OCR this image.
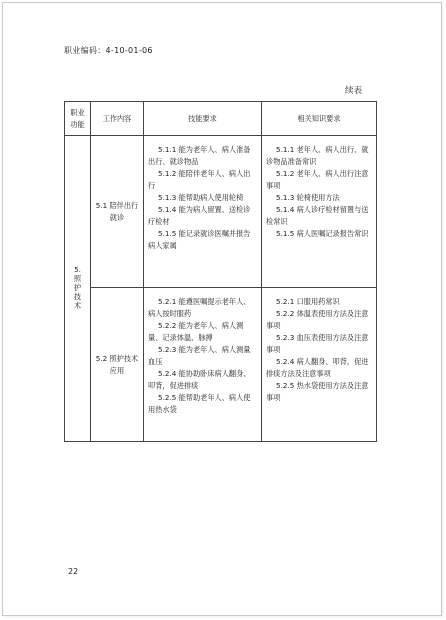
职业编码：4-10-01-06
续表
职业功能	工作内容	技能要求	相关知识要求
5. 照护技术	5.1 陪伴出行就诊	5.1.1 能为老年人、病人准备出行、就诊物品
5.1.2 能陪伴老年人、病人出行
5.1.3 能帮助病人使用轮椅
5.1.4 能为病人留置、送检诊疗检材
5.1.5 能记录就诊医嘱并报告病人家属	5.1.1 老年人、病人出行、就诊物品准备常识
5.1.2 老年人、病人出行注意事项
5.1.3 轮椅使用方法
5.1.4 病人诊疗检材留置与送检常识
5.1.5 病人医嘱记录报告常识

	5.2 照护技术应用	5.2.1 能遵医嘱提示老年人、病人按时服药
5.2.2 能为老年人、病人测量、记录体温、脉搏
5.2.3 能为老年人、病人测量血压
5.2.4 能协助卧床病人翻身、叩背，促进排痰
5.2.5 能帮助老年人、病人使用热水袋	5.2.1 口服用药常识
5.2.2 体温表使用方法及注意事项
5.2.3 血压表使用方法及注意事项
5.2.4 病人翻身、叩背，促进排痰方法及注意事项
5.2.5 热水袋使用方法及注意事项
22
